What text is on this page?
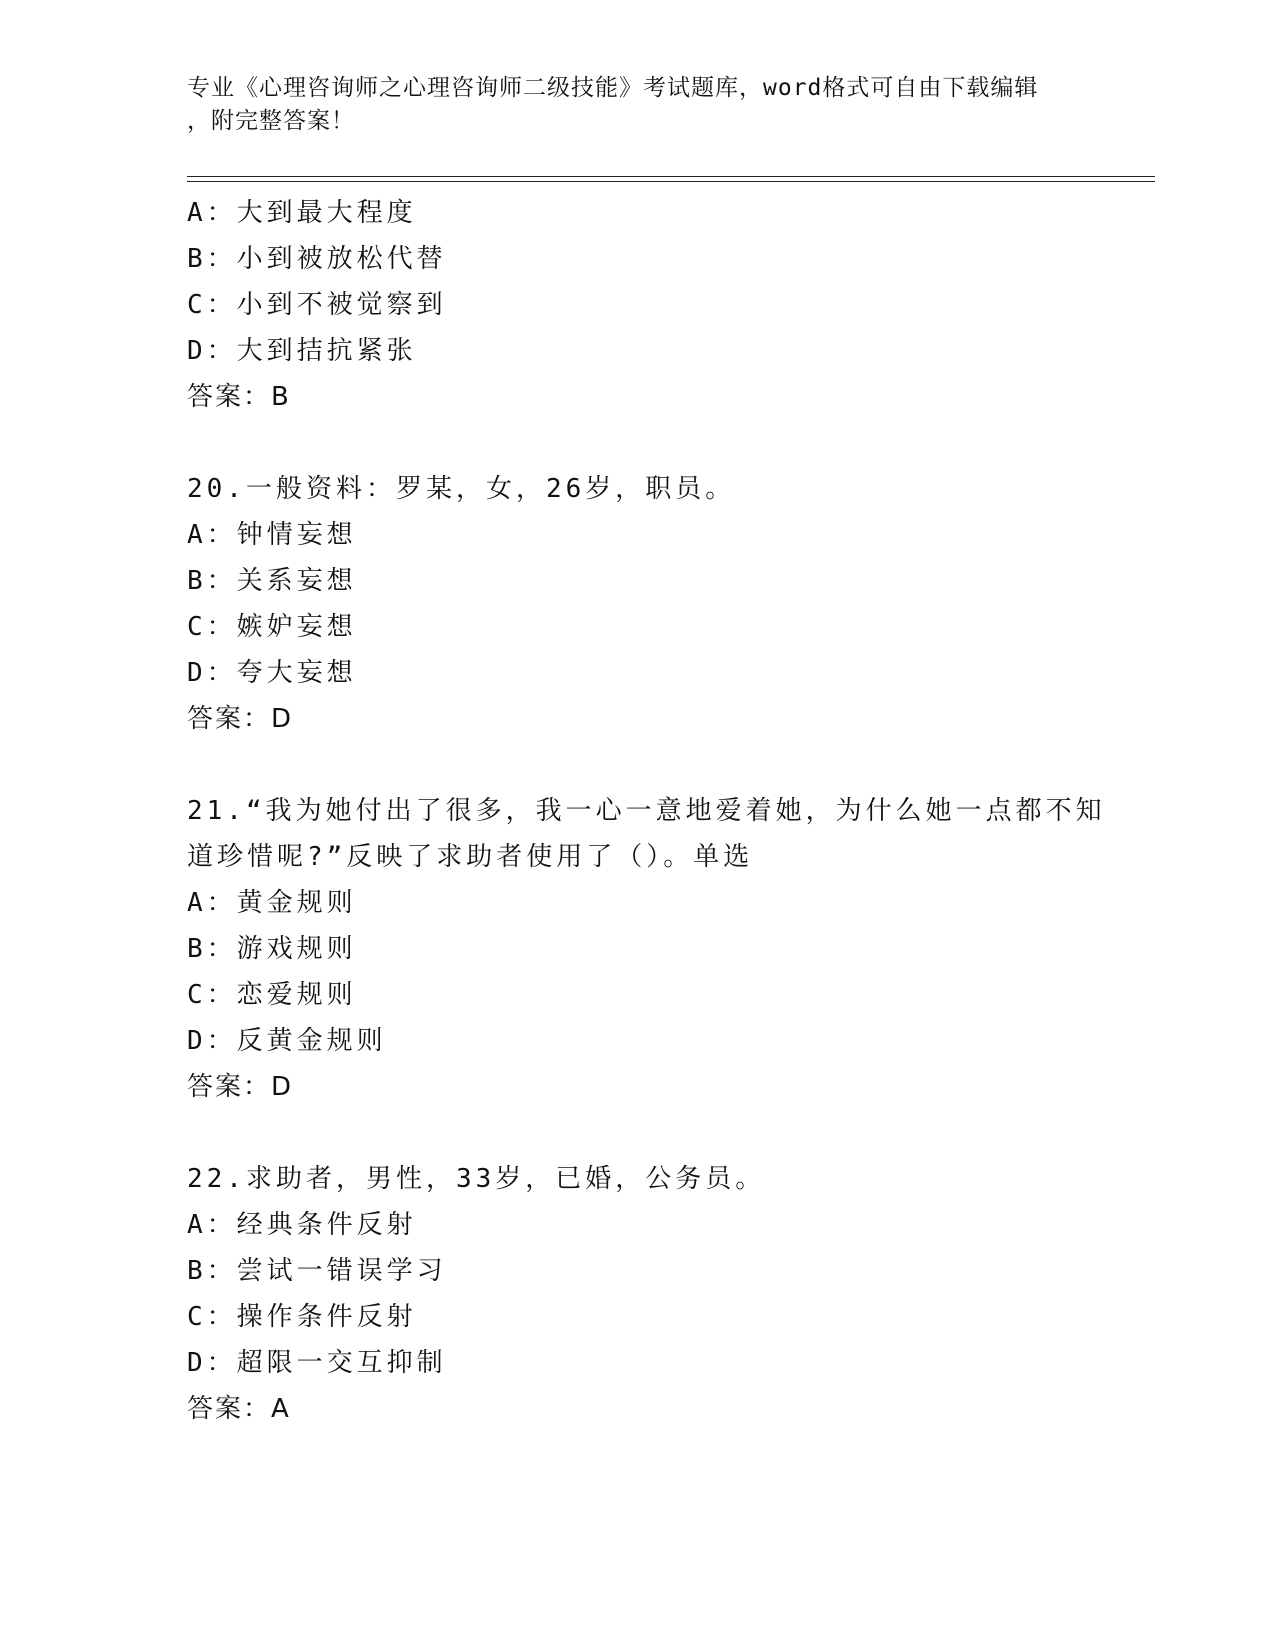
专业《心理咨询师之心理咨询师二级技能》考试题库，word格式可自由下载编辑
，附完整答案！
A：大到最大程度
B：小到被放松代替
C：小到不被觉察到
D：大到拮抗紧张
答案：B
20.一般资料：罗某，女，26岁，职员。
A：钟情妄想
B：关系妄想
C：嫉妒妄想
D：夸大妄想
答案：D
21.“我为她付出了很多，我一心一意地爱着她，为什么她一点都不知
道珍惜呢?”反映了求助者使用了（）。单选
A：黄金规则
B：游戏规则
C：恋爱规则
D：反黄金规则
答案：D
22.求助者，男性，33岁，已婚，公务员。
A：经典条件反射
B：尝试一错误学习
C：操作条件反射
D：超限一交互抑制
答案：A
